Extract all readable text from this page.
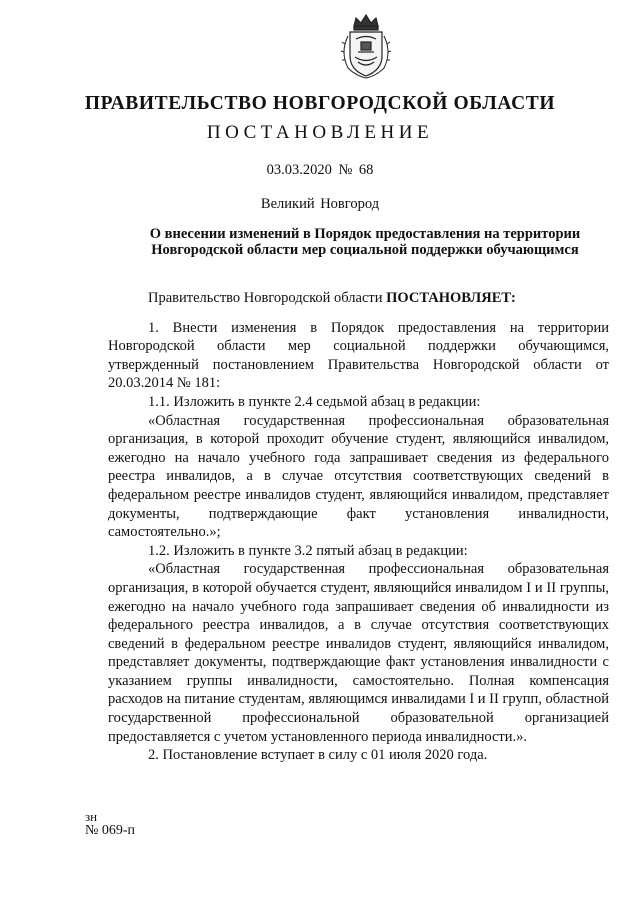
ПРАВИТЕЛЬСТВО НОВГОРОДСКОЙ ОБЛАСТИ
ПОСТАНОВЛЕНИЕ
03.03.2020 № 68
Великий Новгород
О внесении изменений в Порядок предоставления на территории
Новгородской области мер социальной поддержки обучающимся

Правительство Новгородской области ПОСТАНОВЛЯЕТ:

1. Внести изменения в Порядок предоставления на территории Новгородской области мер социальной поддержки обучающимся, утвержденный постановлением Правительства Новгородской области от 20.03.2014 № 181:

1.1. Изложить в пункте 2.4 седьмой абзац в редакции:

«Областная государственная профессиональная образовательная организация, в которой проходит обучение студент, являющийся инвалидом, ежегодно на начало учебного года запрашивает сведения из федерального реестра инвалидов, а в случае отсутствия соответствующих сведений в федеральном реестре инвалидов студент, являющийся инвалидом, представляет документы, подтверждающие факт установления инвалидности, самостоятельно.»;

1.2. Изложить в пункте 3.2 пятый абзац в редакции:

«Областная государственная профессиональная образовательная организация, в которой обучается студент, являющийся инвалидом I и II группы, ежегодно на начало учебного года запрашивает сведения об инвалидности из федерального реестра инвалидов, а в случае отсутствия соответствующих сведений в федеральном реестре инвалидов студент, являющийся инвалидом, представляет документы, подтверждающие факт установления инвалидности с указанием группы инвалидности, самостоятельно. Полная компенсация расходов на питание студентам, являющимся инвалидами I и II групп, областной государственной профессиональной образовательной организацией предоставляется с учетом установленного периода инвалидности.».

2. Постановление вступает в силу с 01 июля 2020 года.

зн
№ 069-п
